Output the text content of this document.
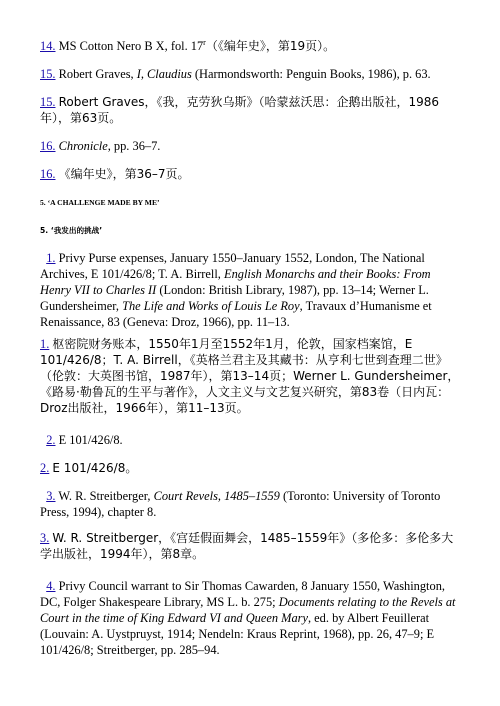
14. MS Cotton Nero B X, fol. 17$^r$（《编年史》，第19页）。

15. Robert Graves, I, Claudius (Harmondsworth: Penguin Books, 1986), p. 63.

15. Robert Graves，《我，克劳狄乌斯》（哈蒙兹沃思：企鹅出版社，1986年），第63页。

16. Chronicle, pp. 36–7.

16. 《编年史》，第36–7页。

5. ‘A CHALLENGE MADE BY ME’

5. ‘我发出的挑战’

1. Privy Purse expenses, January 1550–January 1552, London, The National Archives, E 101/426/8; T. A. Birrell, English Monarchs and their Books: From Henry VII to Charles II (London: British Library, 1987), pp. 13–14; Werner L. Gundersheimer, The Life and Works of Louis Le Roy, Travaux d’Humanisme et Renaissance, 83 (Geneva: Droz, 1966), pp. 11–13.

1. 枢密院财务账本，1550年1月至1552年1月，伦敦，国家档案馆，E 101/426/8；T. A. Birrell，《英格兰君主及其藏书：从亨利七世到查理二世》（伦敦：大英图书馆，1987年），第13–14页；Werner L. Gundersheimer，《路易·勒鲁瓦的生平与著作》，人文主义与文艺复兴研究，第83卷（日内瓦：Droz出版社，1966年），第11–13页。

2. E 101/426/8.

2. E 101/426/8。

3. W. R. Streitberger, Court Revels, 1485–1559 (Toronto: University of Toronto Press, 1994), chapter 8.

3. W. R. Streitberger，《宫廷假面舞会，1485–1559年》（多伦多：多伦多大学出版社，1994年），第8章。

4. Privy Council warrant to Sir Thomas Cawarden, 8 January 1550, Washington, DC, Folger Shakespeare Library, MS L. b. 275; Documents relating to the Revels at Court in the time of King Edward VI and Queen Mary, ed. by Albert Feuillerat (Louvain: A. Uystpruyst, 1914; Nendeln: Kraus Reprint, 1968), pp. 26, 47–9; E 101/426/8; Streitberger, pp. 285–94.
